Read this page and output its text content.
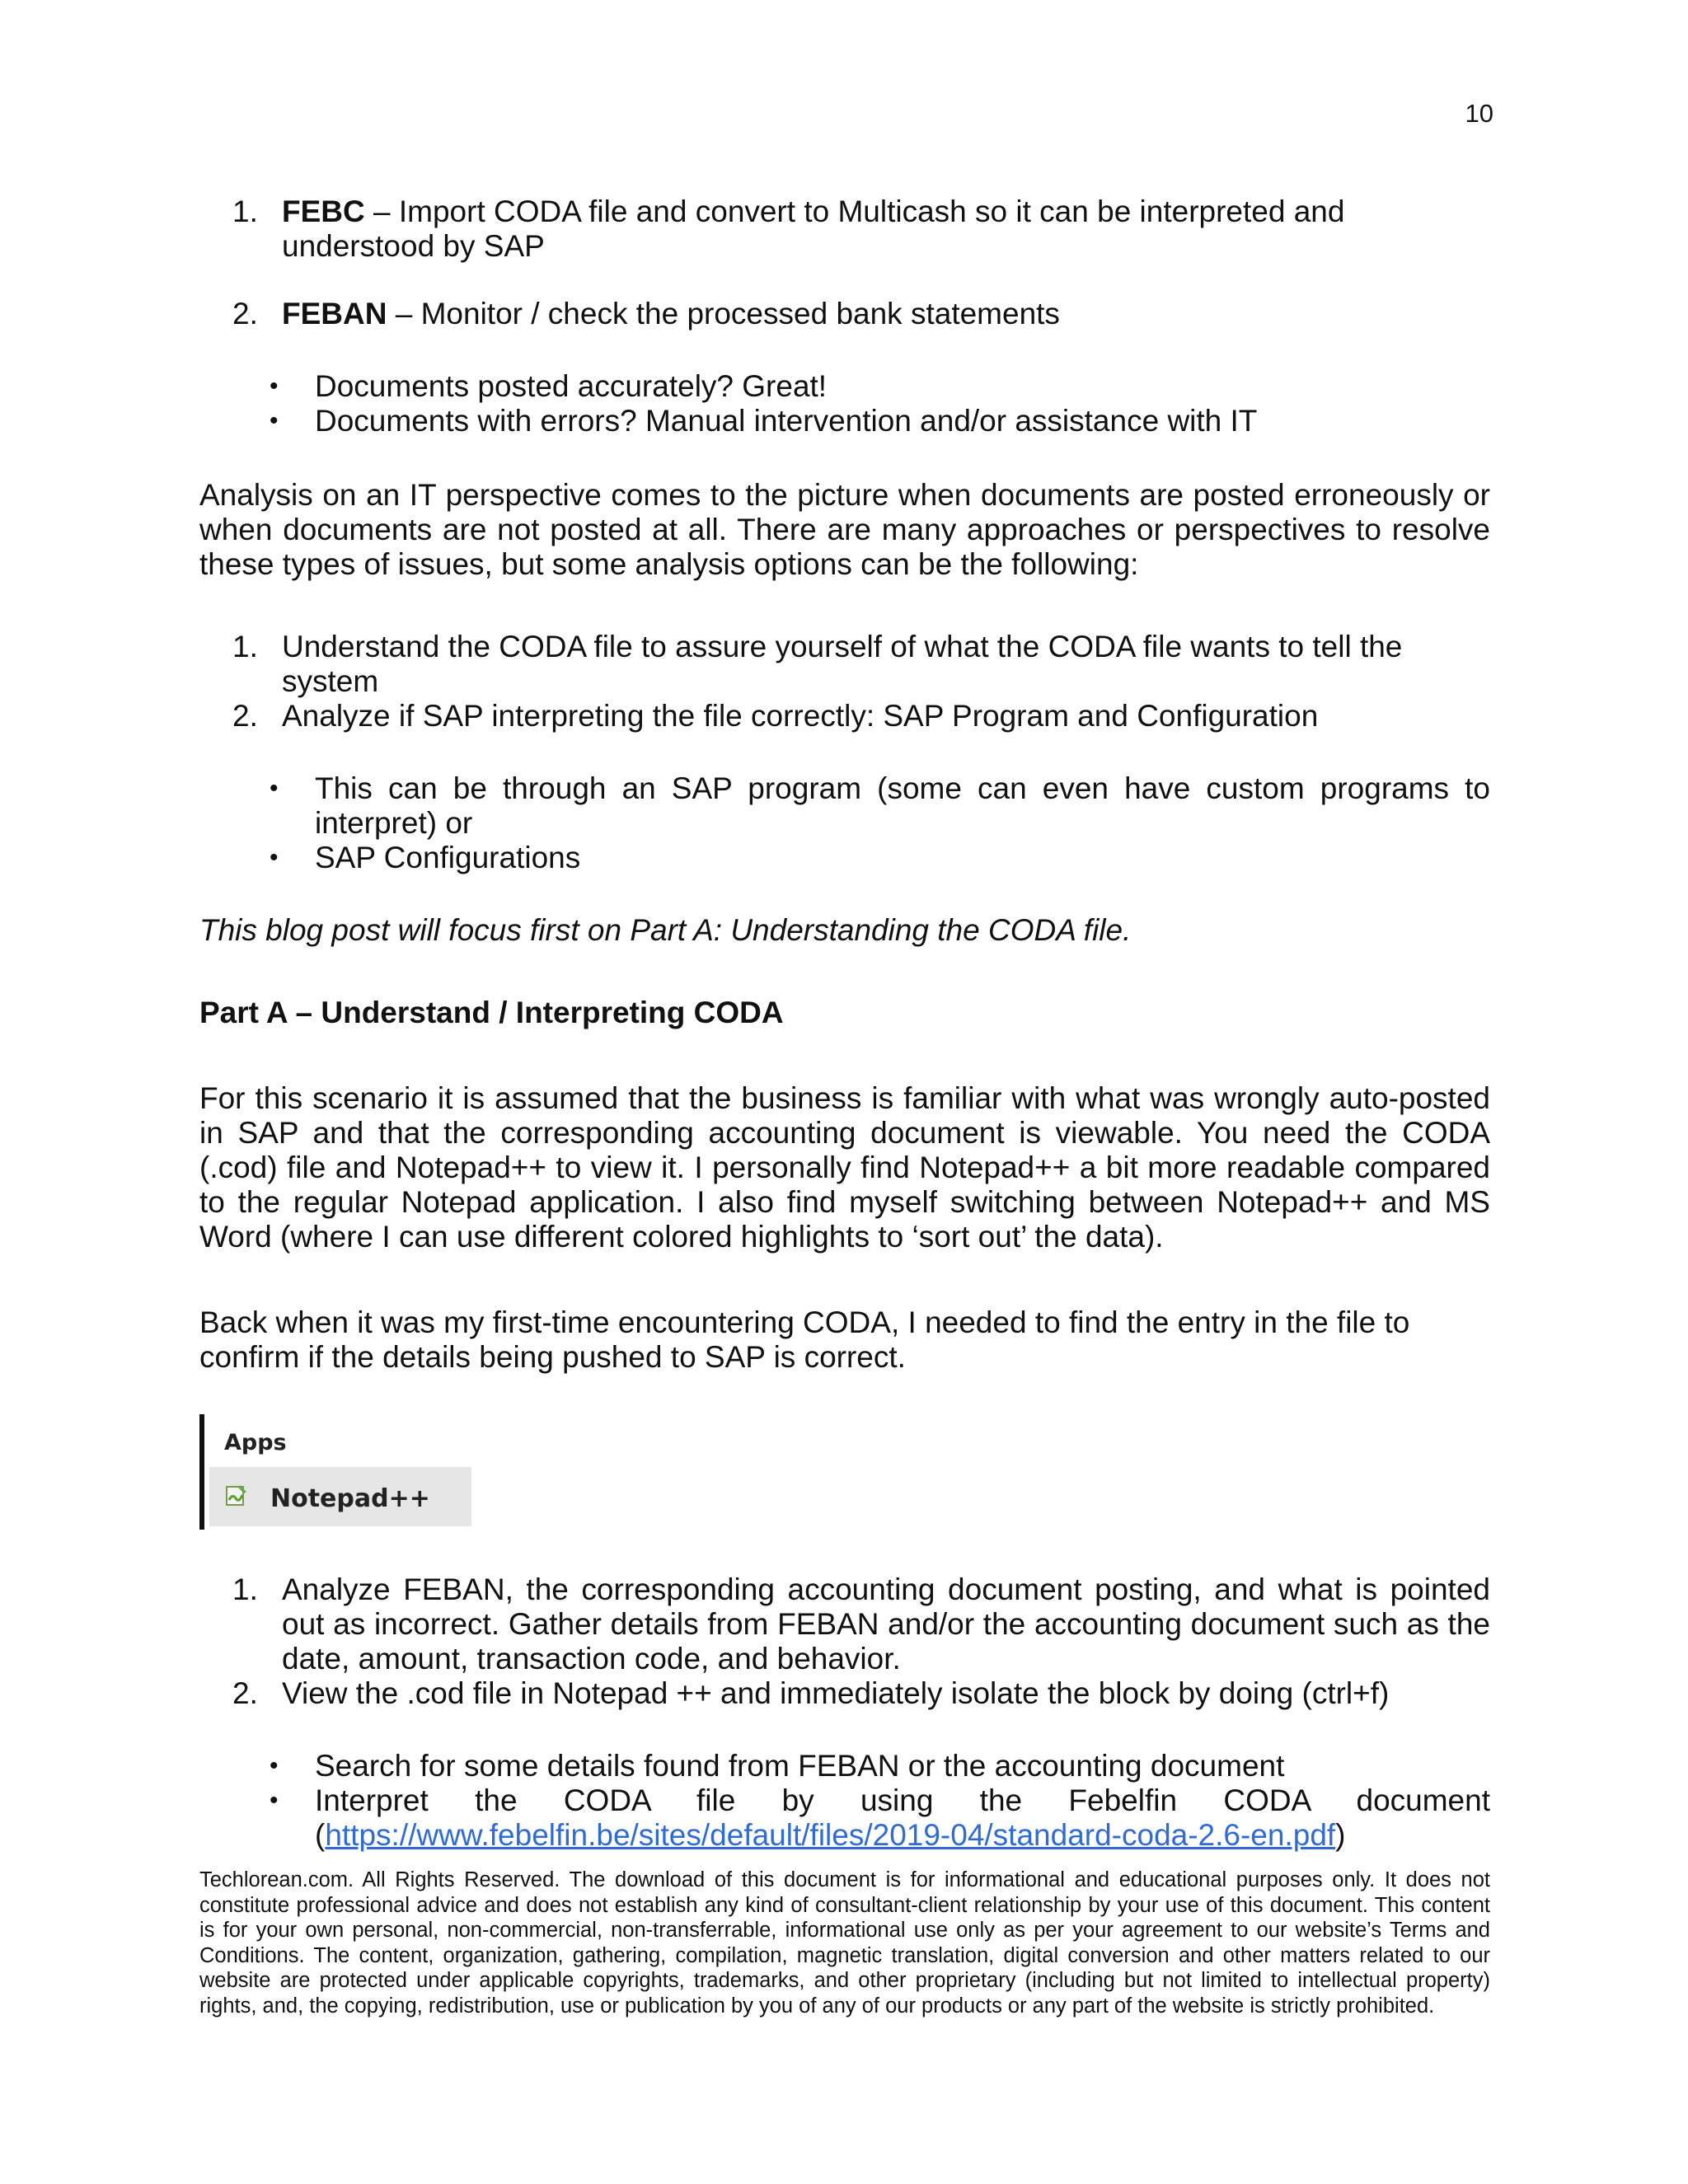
10
1. FEBC – Import CODA file and convert to Multicash so it can be interpreted and understood by SAP
2. FEBAN – Monitor / check the processed bank statements
• Documents posted accurately? Great!
• Documents with errors? Manual intervention and/or assistance with IT

Analysis on an IT perspective comes to the picture when documents are posted erroneously or when documents are not posted at all. There are many approaches or perspectives to resolve these types of issues, but some analysis options can be the following:

1. Understand the CODA file to assure yourself of what the CODA file wants to tell the system
2. Analyze if SAP interpreting the file correctly: SAP Program and Configuration
• This can be through an SAP program (some can even have custom programs to interpret) or
• SAP Configurations

This blog post will focus first on Part A: Understanding the CODA file.

Part A – Understand / Interpreting CODA

For this scenario it is assumed that the business is familiar with what was wrongly auto-posted in SAP and that the corresponding accounting document is viewable. You need the CODA (.cod) file and Notepad++ to view it. I personally find Notepad++ a bit more readable compared to the regular Notepad application. I also find myself switching between Notepad++ and MS Word (where I can use different colored highlights to ‘sort out’ the data).

Back when it was my first-time encountering CODA, I needed to find the entry in the file to confirm if the details being pushed to SAP is correct.

Apps
Notepad++
1. Analyze FEBAN, the corresponding accounting document posting, and what is pointed out as incorrect. Gather details from FEBAN and/or the accounting document such as the date, amount, transaction code, and behavior.
2. View the .cod file in Notepad ++ and immediately isolate the block by doing (ctrl+f)
• Search for some details found from FEBAN or the accounting document
• Interpret the CODA file by using the Febelfin CODA document (https://www.febelfin.be/sites/default/files/2019-04/standard-coda-2.6-en.pdf)
Techlorean.com. All Rights Reserved. The download of this document is for informational and educational purposes only. It does not constitute professional advice and does not establish any kind of consultant-client relationship by your use of this document. This content is for your own personal, non-commercial, non-transferrable, informational use only as per your agreement to our website’s Terms and Conditions. The content, organization, gathering, compilation, magnetic translation, digital conversion and other matters related to our website are protected under applicable copyrights, trademarks, and other proprietary (including but not limited to intellectual property) rights, and, the copying, redistribution, use or publication by you of any of our products or any part of the website is strictly prohibited.
